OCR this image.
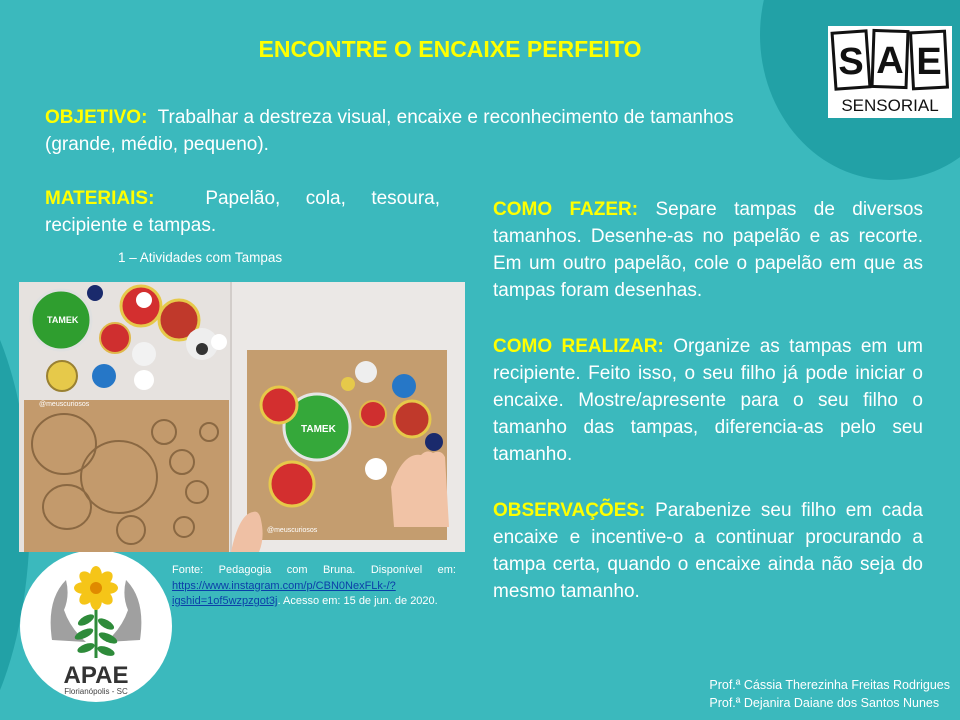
ENCONTRE O ENCAIXE PERFEITO

OBJETIVO: Trabalhar a destreza visual, encaixe e reconhecimento de tamanhos (grande, médio, pequeno).

MATERIAIS:	Papelão, cola, tesoura, recipiente e tampas.

1 – Atividades com Tampas

@meuscuriosos
TAMEK
TAMEK
@meuscuriosos

COMO FAZER: Separe tampas de diversos tamanhos. Desenhe-as no papelão e as recorte. Em um outro papelão, cole o papelão em que as tampas foram desenhas.

COMO REALIZAR: Organize as tampas em um recipiente. Feito isso, o seu filho já pode iniciar o encaixe. Mostre/apresente para o seu filho o tamanho das tampas, diferencia-as pelo seu tamanho.

OBSERVAÇÕES: Parabenize seu filho em cada encaixe e incentive-o a continuar procurando a tampa certa, quando o encaixe ainda não seja do mesmo tamanho.

Fonte: Pedagogia com Bruna. Disponível em: https://www.instagram.com/p/CBN0NexFLk-/?igshid=1of5wzpzgot3j. Acesso em: 15 de jun. de 2020.

S A E
SENSORIAL
APAE
Florianópolis - SC	Prof.ª Cássia Therezinha Freitas Rodrigues
Prof.ª Dejanira Daiane dos Santos Nunes
